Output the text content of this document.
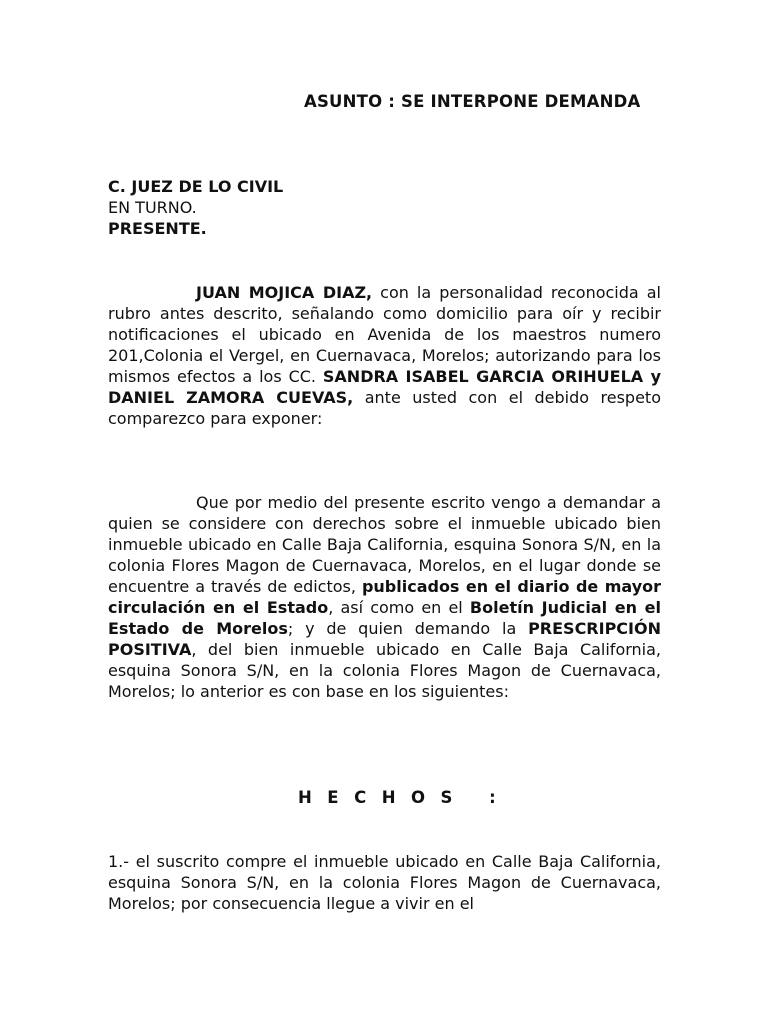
ASUNTO : SE INTERPONE DEMANDA
C. JUEZ DE LO CIVIL
EN TURNO.
PRESENTE.
JUAN MOJICA DIAZ, con la personalidad reconocida al rubro antes descrito, señalando como domicilio para oír y recibir notificaciones el ubicado en Avenida de los maestros numero 201,Colonia el Vergel, en Cuernavaca, Morelos; autorizando para los mismos efectos a los CC. SANDRA ISABEL GARCIA ORIHUELA y DANIEL ZAMORA CUEVAS, ante usted con el debido respeto comparezco para exponer:
Que por medio del presente escrito vengo a demandar a quien se considere con derechos sobre el inmueble ubicado bien inmueble ubicado en Calle Baja California, esquina Sonora S/N, en la colonia Flores Magon de Cuernavaca, Morelos, en el lugar donde se encuentre a través de edictos, publicados en el diario de mayor circulación en el Estado, así como en el Boletín Judicial en el Estado de Morelos; y de quien demando la PRESCRIPCIÓN POSITIVA, del bien inmueble ubicado en Calle Baja California, esquina Sonora S/N, en la colonia Flores Magon de Cuernavaca, Morelos; lo anterior es con base en los siguientes:
HECHOS :
1.- el suscrito compre el inmueble ubicado en Calle Baja California, esquina Sonora S/N, en la colonia Flores Magon de Cuernavaca, Morelos; por consecuencia llegue a vivir en el
